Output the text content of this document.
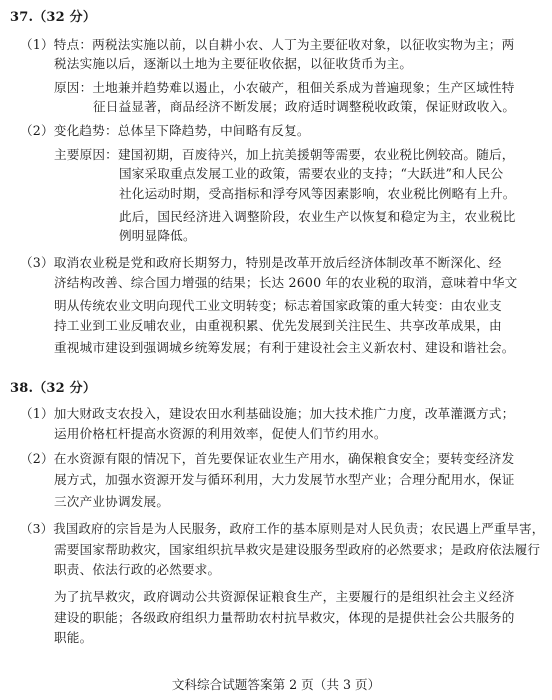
37.（32 分）
（1）特点：两税法实施以前，以自耕小农、人丁为主要征收对象，以征收实物为主；两
税法实施以后，逐渐以土地为主要征收依据，以征收货币为主。
原因：土地兼并趋势难以遏止，小农破产，租佃关系成为普遍现象；生产区域性特
征日益显著，商品经济不断发展；政府适时调整税收政策，保证财政收入。
（2）变化趋势：总体呈下降趋势，中间略有反复。
主要原因：建国初期，百废待兴，加上抗美援朝等需要，农业税比例较高。随后，
国家采取重点发展工业的政策，需要农业的支持；“大跃进”和人民公
社化运动时期，受高指标和浮夸风等因素影响，农业税比例略有上升。
此后，国民经济进入调整阶段，农业生产以恢复和稳定为主，农业税比
例明显降低。
（3）取消农业税是党和政府长期努力，特别是改革开放后经济体制改革不断深化、经
济结构改善、综合国力增强的结果；长达 2600 年的农业税的取消，意味着中华文
明从传统农业文明向现代工业文明转变；标志着国家政策的重大转变：由农业支
持工业到工业反哺农业，由重视积累、优先发展到关注民生、共享改革成果，由
重视城市建设到强调城乡统筹发展；有利于建设社会主义新农村、建设和谐社会。
38.（32 分）
（1）加大财政支农投入，建设农田水利基础设施；加大技术推广力度，改革灌溉方式；
运用价格杠杆提高水资源的利用效率，促使人们节约用水。
（2）在水资源有限的情况下，首先要保证农业生产用水，确保粮食安全；要转变经济发
展方式，加强水资源开发与循环利用，大力发展节水型产业；合理分配用水，保证
三次产业协调发展。
（3）我国政府的宗旨是为人民服务，政府工作的基本原则是对人民负责；农民遇上严重旱害，
需要国家帮助救灾，国家组织抗旱救灾是建设服务型政府的必然要求；是政府依法履行
职责、依法行政的必然要求。
为了抗旱救灾，政府调动公共资源保证粮食生产，主要履行的是组织社会主义经济
建设的职能；各级政府组织力量帮助农村抗旱救灾，体现的是提供社会公共服务的
职能。
文科综合试题答案第 2 页（共 3 页）
